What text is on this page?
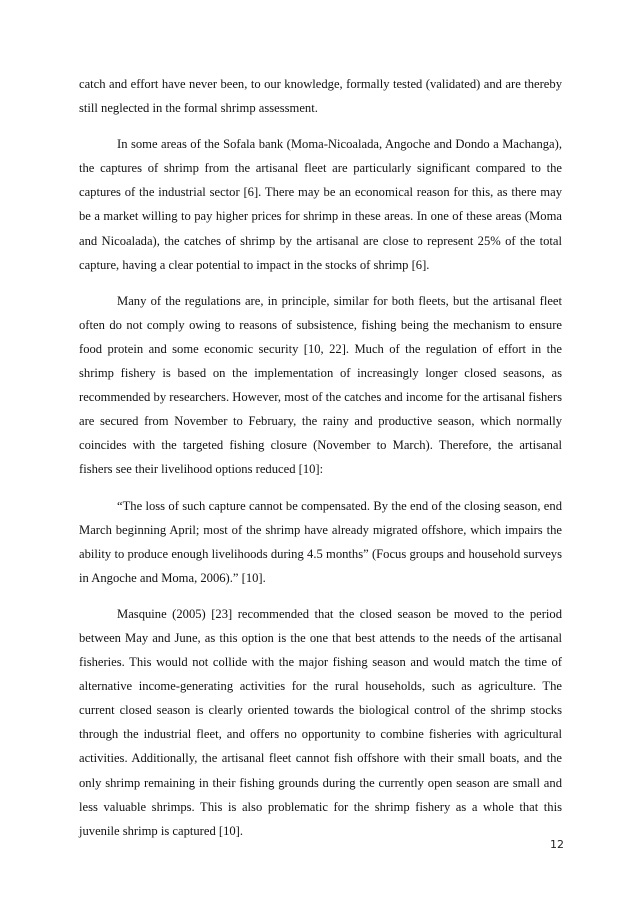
catch and effort have never been, to our knowledge, formally tested (validated) and are thereby still neglected in the formal shrimp assessment.

In some areas of the Sofala bank (Moma-Nicoalada, Angoche and Dondo a Machanga), the captures of shrimp from the artisanal fleet are particularly significant compared to the captures of the industrial sector [6]. There may be an economical reason for this, as there may be a market willing to pay higher prices for shrimp in these areas. In one of these areas (Moma and Nicoalada), the catches of shrimp by the artisanal are close to represent 25% of the total capture, having a clear potential to impact in the stocks of shrimp [6].

Many of the regulations are, in principle, similar for both fleets, but the artisanal fleet often do not comply owing to reasons of subsistence, fishing being the mechanism to ensure food protein and some economic security [10, 22]. Much of the regulation of effort in the shrimp fishery is based on the implementation of increasingly longer closed seasons, as recommended by researchers. However, most of the catches and income for the artisanal fishers are secured from November to February, the rainy and productive season, which normally coincides with the targeted fishing closure (November to March). Therefore, the artisanal fishers see their livelihood options reduced [10]:

“The loss of such capture cannot be compensated. By the end of the closing season, end March beginning April; most of the shrimp have already migrated offshore, which impairs the ability to produce enough livelihoods during 4.5 months” (Focus groups and household surveys in Angoche and Moma, 2006).” [10].

Masquine (2005) [23] recommended that the closed season be moved to the period between May and June, as this option is the one that best attends to the needs of the artisanal fisheries. This would not collide with the major fishing season and would match the time of alternative income-generating activities for the rural households, such as agriculture. The current closed season is clearly oriented towards the biological control of the shrimp stocks through the industrial fleet, and offers no opportunity to combine fisheries with agricultural activities. Additionally, the artisanal fleet cannot fish offshore with their small boats, and the only shrimp remaining in their fishing grounds during the currently open season are small and less valuable shrimps. This is also problematic for the shrimp fishery as a whole that this juvenile shrimp is captured [10].

12
